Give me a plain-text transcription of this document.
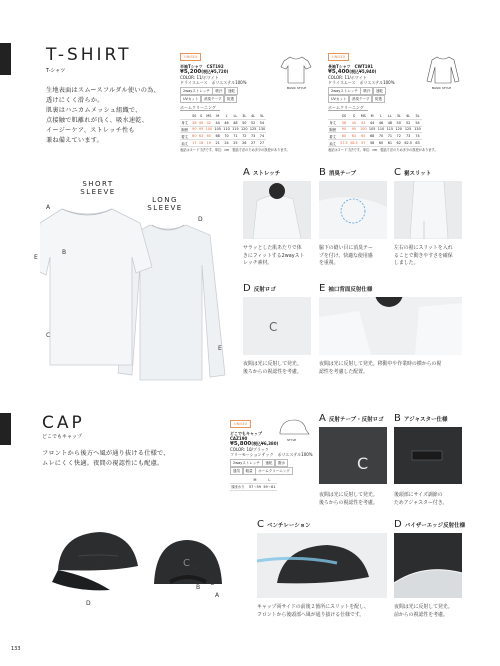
T-SHIRT
T-シャツ
生地表面はスムースフルダル使いの為、
透けにくく滑らか。
肌裏はハニカムメッシュ組織で、
点接触で肌離れが良く、吸水速乾、
イージーケア、ストレッチ性も
兼ね備えています。
UNISEX
半袖Tシャツ　CST192
¥5,200(税込¥5,720)
COLOR: 11/ホワイト
ドライスムース　ポリエステル100%
2wayストレッチ	吸汗	速乾
UVカット	消臭テープ	防透
ホームクリーニング
	SS	S	MS	M	L	LL	3L	4L	5L
身丈	38	40	42	44	46	48	50	52	54
胸囲	90	95	100	105	110	115	120	125	130
着丈	60	63	65	68	70	71	72	73	74
袖丈	17	18	19	21	24	25	26	27	27
表記はヌード寸法です。単位：cm　製品寸法のため多少の誤差があります。
BASIC STYLE
UNISEX
長袖Tシャツ　CWT191
¥5,400(税込¥5,940)
COLOR: 11/ホワイト
ドライスムース　ポリエステル100%
2wayストレッチ	吸汗	速乾
UVカット	消臭テープ	防透
ホームクリーニング
	SS	S	MS	M	L	LL	3L	4L	5L
身丈	38	40	42	44	46	48	50	52	54
胸囲	90	95	100	105	110	115	120	125	130
着丈	60	63	65	68	70	71	72	73	74
袖丈	57.5	58.5	57	58	60	61	62	62.5	63
表記はヌード寸法です。単位：cm　製品寸法のため多少の誤差があります。
BASIC STYLE
SHORT SLEEVE
LONG SLEEVE
A
B
E
C
D
E
A ストレッチ
サラッとした肌あたりで体
きにフィットする2wayスト
レッチ素材。
B 消臭テープ
脇下の縫い目に消臭テー
プを付け、快適な使用感
を重視。
C 裾スリット
左右の裾にスリットを入れ
ることで動きやすさを確保
しました。
D 反射ロゴ
C
夜間は光に反射して発光。
後ろからの視認性を考慮。
E 袖口背面反射仕様
夜間は光に反射して発光。移動中や作業時の横からの視
認性を考慮した配置。
CAP
どこでもキャップ
フロントから後方へ風が通り抜ける仕様で、
ムレにくく快適。夜間の視認性にも配慮。
UNISEX
どこでもキャップ
CAZ190
¥5,800(税込¥6,380)
COLOR: 10/ブラック
フリーモーションテック　ポリエステル100%
2wayストレッチ	速乾	撥水
通気	軽量	ホームクリーニング
	M	L
頭まわり	57〜59	59〜61
STYLE
C
C
D
C
A
C
B
A
A 反射テープ・反射ロゴ
C
夜間は光に反射して発光。
後ろからの視認性を考慮。
B アジャスター仕様
後頭部にサイズ調節の
ためアジャスター付き。
C ベンチレーション
キャップ両サイドの前後２箇所にスリットを配し、
フロントから後頭部へ風が通り抜ける仕様です。
D バイザーエッジ反射仕様
夜間は光に反射して発光。
前からの視認性を考慮。
133
